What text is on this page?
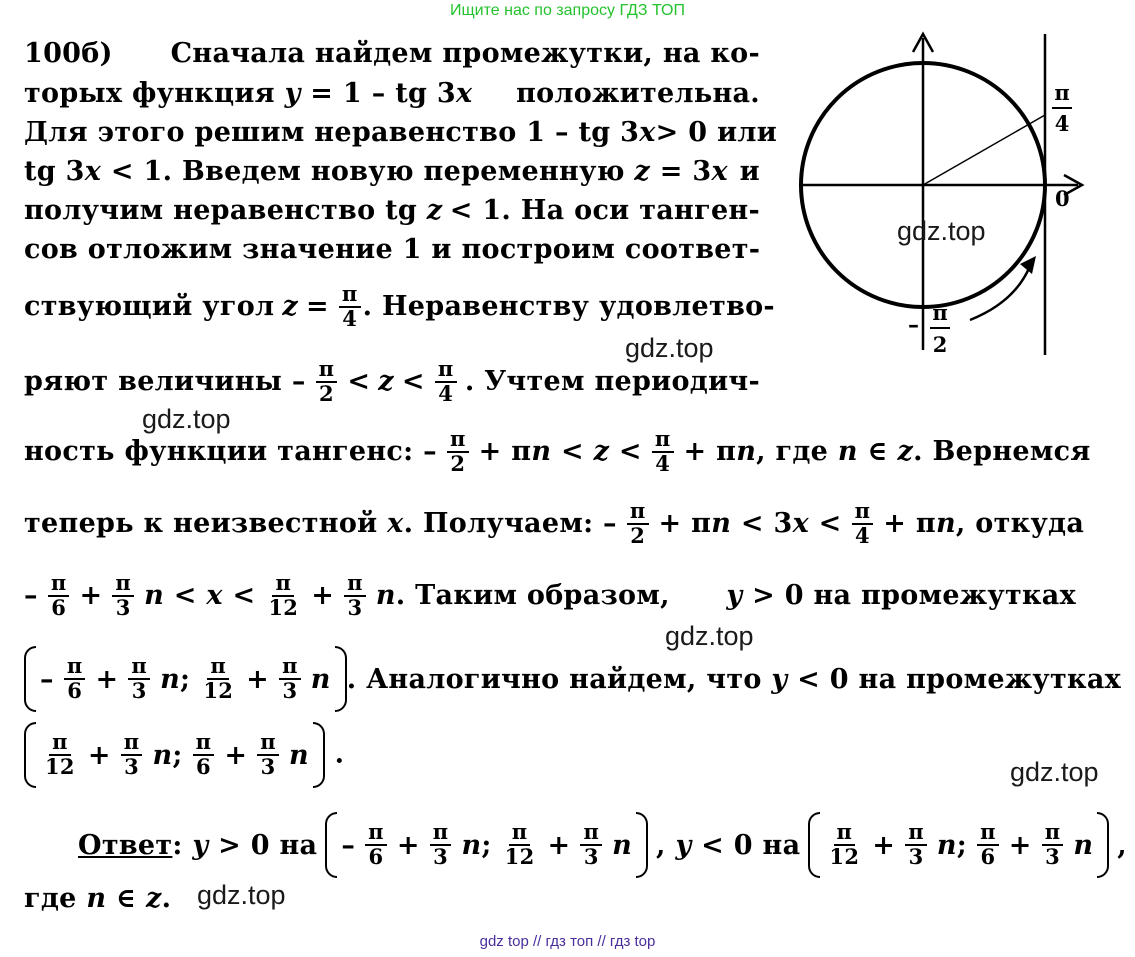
Ищите нас по запросу ГДЗ ТОП
π
4
0
– π
2
gdz.top
gdz.top
gdz.top
gdz.top
gdz.top
gdz.top
100б) Сначала найдем промежутки, на ко-
торых функция y = 1 – tg 3x положительна.
Для этого решим неравенство 1 – tg 3x > 0 или
tg 3x < 1. Введем новую переменную z = 3x и
получим неравенство tg z < 1. На оси танген-
сов отложим значение 1 и построим соответ-
ствующий угол $z = \frac{\pi}{4}$ . Неравенству удовлетво-
ряют величины – $\frac{\pi}{2} < z < \frac{\pi}{4}$ . Учтем периодич-
ность функции тангенс: – $\frac{\pi}{2} + \pi n < z < \frac{\pi}{4} + \pi n$, где n ∈ z . Вернемся
теперь к неизвестной x. Получаем: – $\frac{\pi}{2} + \pi n < 3x < \frac{\pi}{4} + \pi n$ , откуда
– $\frac{\pi}{6} + \frac{\pi}{3}$ $n < x < \frac{\pi}{12} + \frac{\pi}{3} n$. Таким образом, y > 0 на промежутках
– $\frac{\pi}{6} + \frac{\pi}{3} n$; $\frac{\pi}{12} + \frac{\pi}{3}$ n . Аналогично найдем, что y < 0 на промежутках
$\frac{\pi}{12} + \frac{\pi}{3} n$; $\frac{\pi}{6} + \frac{\pi}{3}$ n .
Ответ: y > 0 на – $\frac{\pi}{6} + \frac{\pi}{3} n$; $\frac{\pi}{12} + \frac{\pi}{3}$ n , y < 0 на $\frac{\pi}{12} + \frac{\pi}{3} n$; $\frac{\pi}{6} + \frac{\pi}{3}$ n ,
где n ∈ z.
gdz top // гдз топ // гдз top
